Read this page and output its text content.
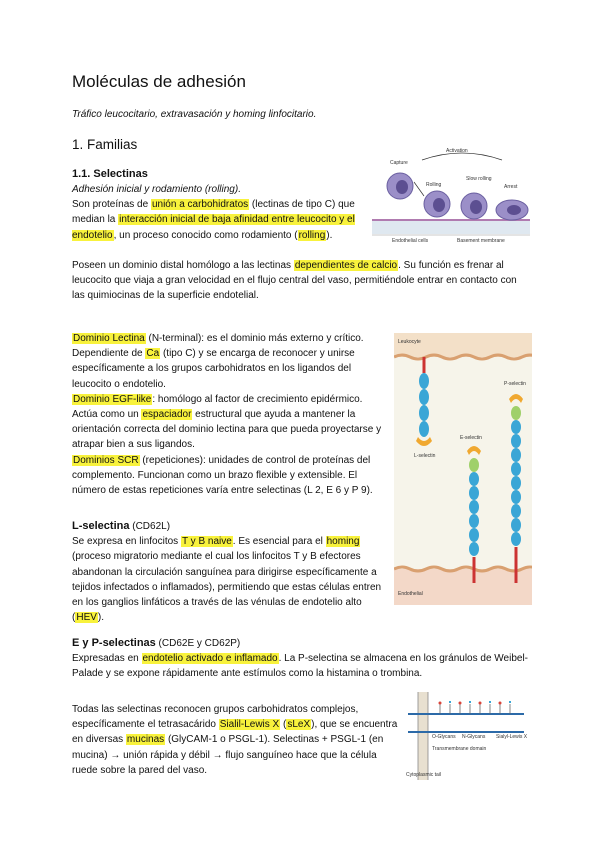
Moléculas de adhesión
Tráfico leucocitario, extravasación y homing linfocitario.
1. Familias
1.1. Selectinas
Adhesión inicial y rodamiento (rolling).
Son proteínas de unión a carbohidratos (lectinas de tipo C) que median la interacción inicial de baja afinidad entre leucocito y el endotelio, un proceso conocido como rodamiento (rolling).
Poseen un dominio distal homólogo a las lectinas dependientes de calcio. Su función es frenar al leucocito que viaja a gran velocidad en el flujo central del vaso, permitiéndole entrar en contacto con las quimiocinas de la superficie endotelial.
Capture
Activation
Rolling
Slow rolling
Arrest
Endothelial cells	Basement membrane
Dominio Lectina (N-terminal): es el dominio más externo y crítico. Dependiente de Ca (tipo C) y se encarga de reconocer y unirse específicamente a los grupos carbohidratos en los ligandos del leucocito o endotelio.
Dominio EGF-like: homólogo al factor de crecimiento epidérmico. Actúa como un espaciador estructural que ayuda a mantener la orientación correcta del dominio lectina para que pueda proyectarse y atrapar bien a sus ligandos.
Dominios SCR (repeticiones): unidades de control de proteínas del complemento. Funcionan como un brazo flexible y extensible. El número de estas repeticiones varía entre selectinas (L 2, E 6 y P 9).
Leukocyte
L-selectin
E-selectin
P-selectin
Endothelial
L-selectina (CD62L)
Se expresa en linfocitos T y B naive. Es esencial para el homing (proceso migratorio mediante el cual los linfocitos T y B efectores abandonan la circulación sanguínea para dirigirse específicamente a tejidos infectados o inflamados), permitiendo que estas células entren en los ganglios linfáticos a través de las vénulas de endotelio alto (HEV).
E y P-selectinas (CD62E y CD62P)
Expresadas en endotelio activado e inflamado. La P-selectina se almacena en los gránulos de Weibel-Palade y se expone rápidamente ante estímulos como la histamina o trombina.
Todas las selectinas reconocen grupos carbohidratos complejos, específicamente el tetrasacárido Sialil-Lewis X (sLeX), que se encuentra en diversas mucinas (GlyCAM-1 o PSGL-1). Selectinas + PSGL-1 (en mucina) → unión rápida y débil → flujo sanguíneo hace que la célula ruede sobre la pared del vaso.
O-Glycans N-Glycans Sialyl-Lewis X
Transmembrane domain
Cytoplasmic tail
